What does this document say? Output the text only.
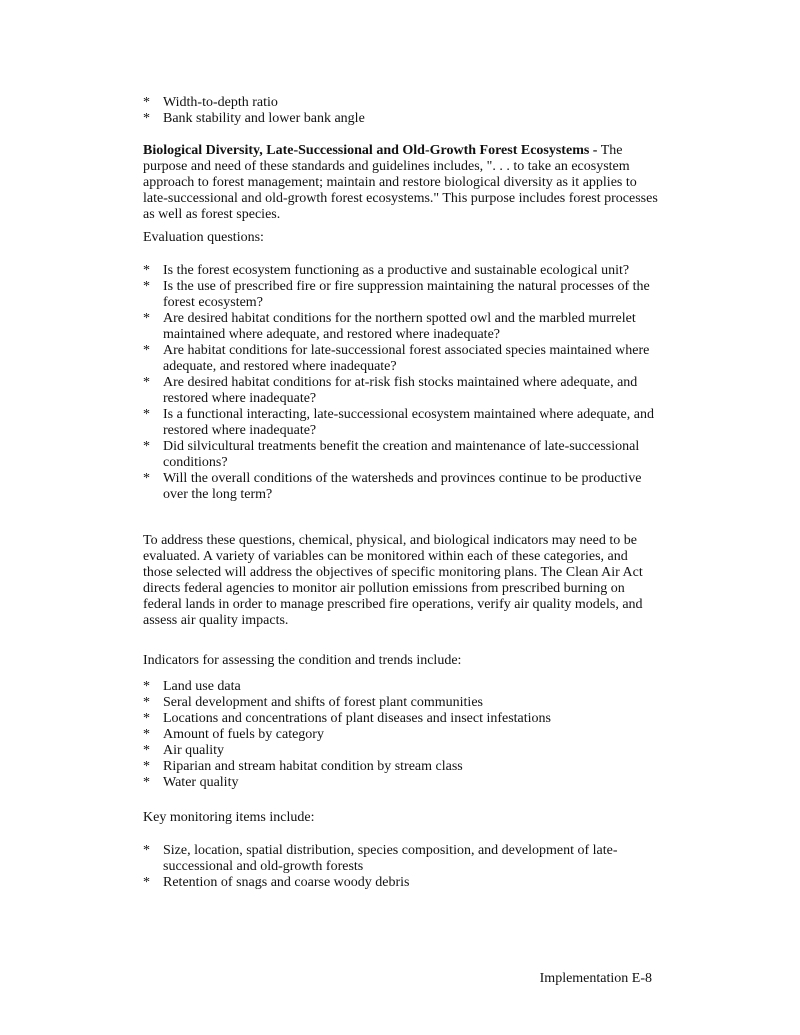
* Width-to-depth ratio
* Bank stability and lower bank angle

Biological Diversity, Late-Successional and Old-Growth Forest Ecosystems - The purpose and need of these standards and guidelines includes, ". . . to take an ecosystem approach to forest management; maintain and restore biological diversity as it applies to late-successional and old-growth forest ecosystems." This purpose includes forest processes as well as forest species.

Evaluation questions:

* Is the forest ecosystem functioning as a productive and sustainable ecological unit?
* Is the use of prescribed fire or fire suppression maintaining the natural processes of the forest ecosystem?
* Are desired habitat conditions for the northern spotted owl and the marbled murrelet maintained where adequate, and restored where inadequate?
* Are habitat conditions for late-successional forest associated species maintained where adequate, and restored where inadequate?
* Are desired habitat conditions for at-risk fish stocks maintained where adequate, and restored where inadequate?
* Is a functional interacting, late-successional ecosystem maintained where adequate, and restored where inadequate?
* Did silvicultural treatments benefit the creation and maintenance of late-successional conditions?
* Will the overall conditions of the watersheds and provinces continue to be productive over the long term?

To address these questions, chemical, physical, and biological indicators may need to be evaluated. A variety of variables can be monitored within each of these categories, and those selected will address the objectives of specific monitoring plans. The Clean Air Act directs federal agencies to monitor air pollution emissions from prescribed burning on federal lands in order to manage prescribed fire operations, verify air quality models, and assess air quality impacts.

Indicators for assessing the condition and trends include:

* Land use data
* Seral development and shifts of forest plant communities
* Locations and concentrations of plant diseases and insect infestations
* Amount of fuels by category
* Air quality
* Riparian and stream habitat condition by stream class
* Water quality

Key monitoring items include:

* Size, location, spatial distribution, species composition, and development of late-successional and old-growth forests
* Retention of snags and coarse woody debris
Implementation E-8
